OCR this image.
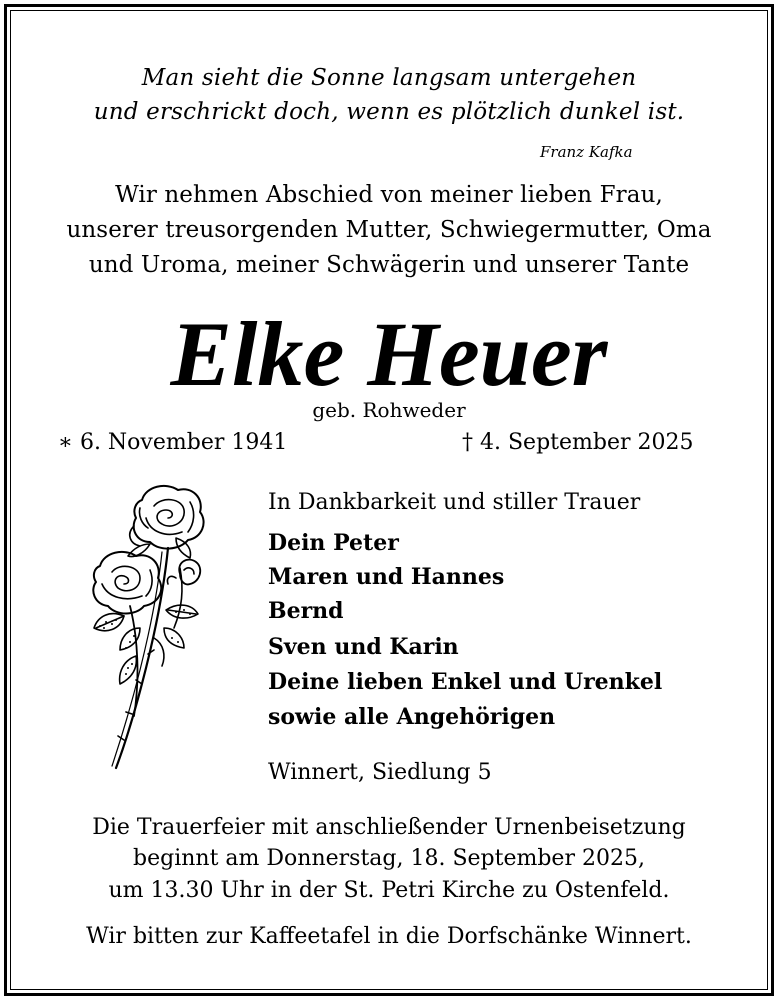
Man sieht die Sonne langsam untergehen
und erschrickt doch, wenn es plötzlich dunkel ist.
Franz Kafka
Wir nehmen Abschied von meiner lieben Frau,
unserer treusorgenden Mutter, Schwiegermutter, Oma
und Uroma, meiner Schwägerin und unserer Tante
Elke Heuer
geb. Rohweder
∗ 6. November 1941	† 4. September 2025
In Dankbarkeit und stiller Trauer
Dein Peter
Maren und Hannes
Bernd
Sven und Karin
Deine lieben Enkel und Urenkel
sowie alle Angehörigen
Winnert, Siedlung 5
Die Trauerfeier mit anschließender Urnenbeisetzung
beginnt am Donnerstag, 18. September 2025,
um 13.30 Uhr in der St. Petri Kirche zu Ostenfeld.
Wir bitten zur Kaffeetafel in die Dorfschänke Winnert.
